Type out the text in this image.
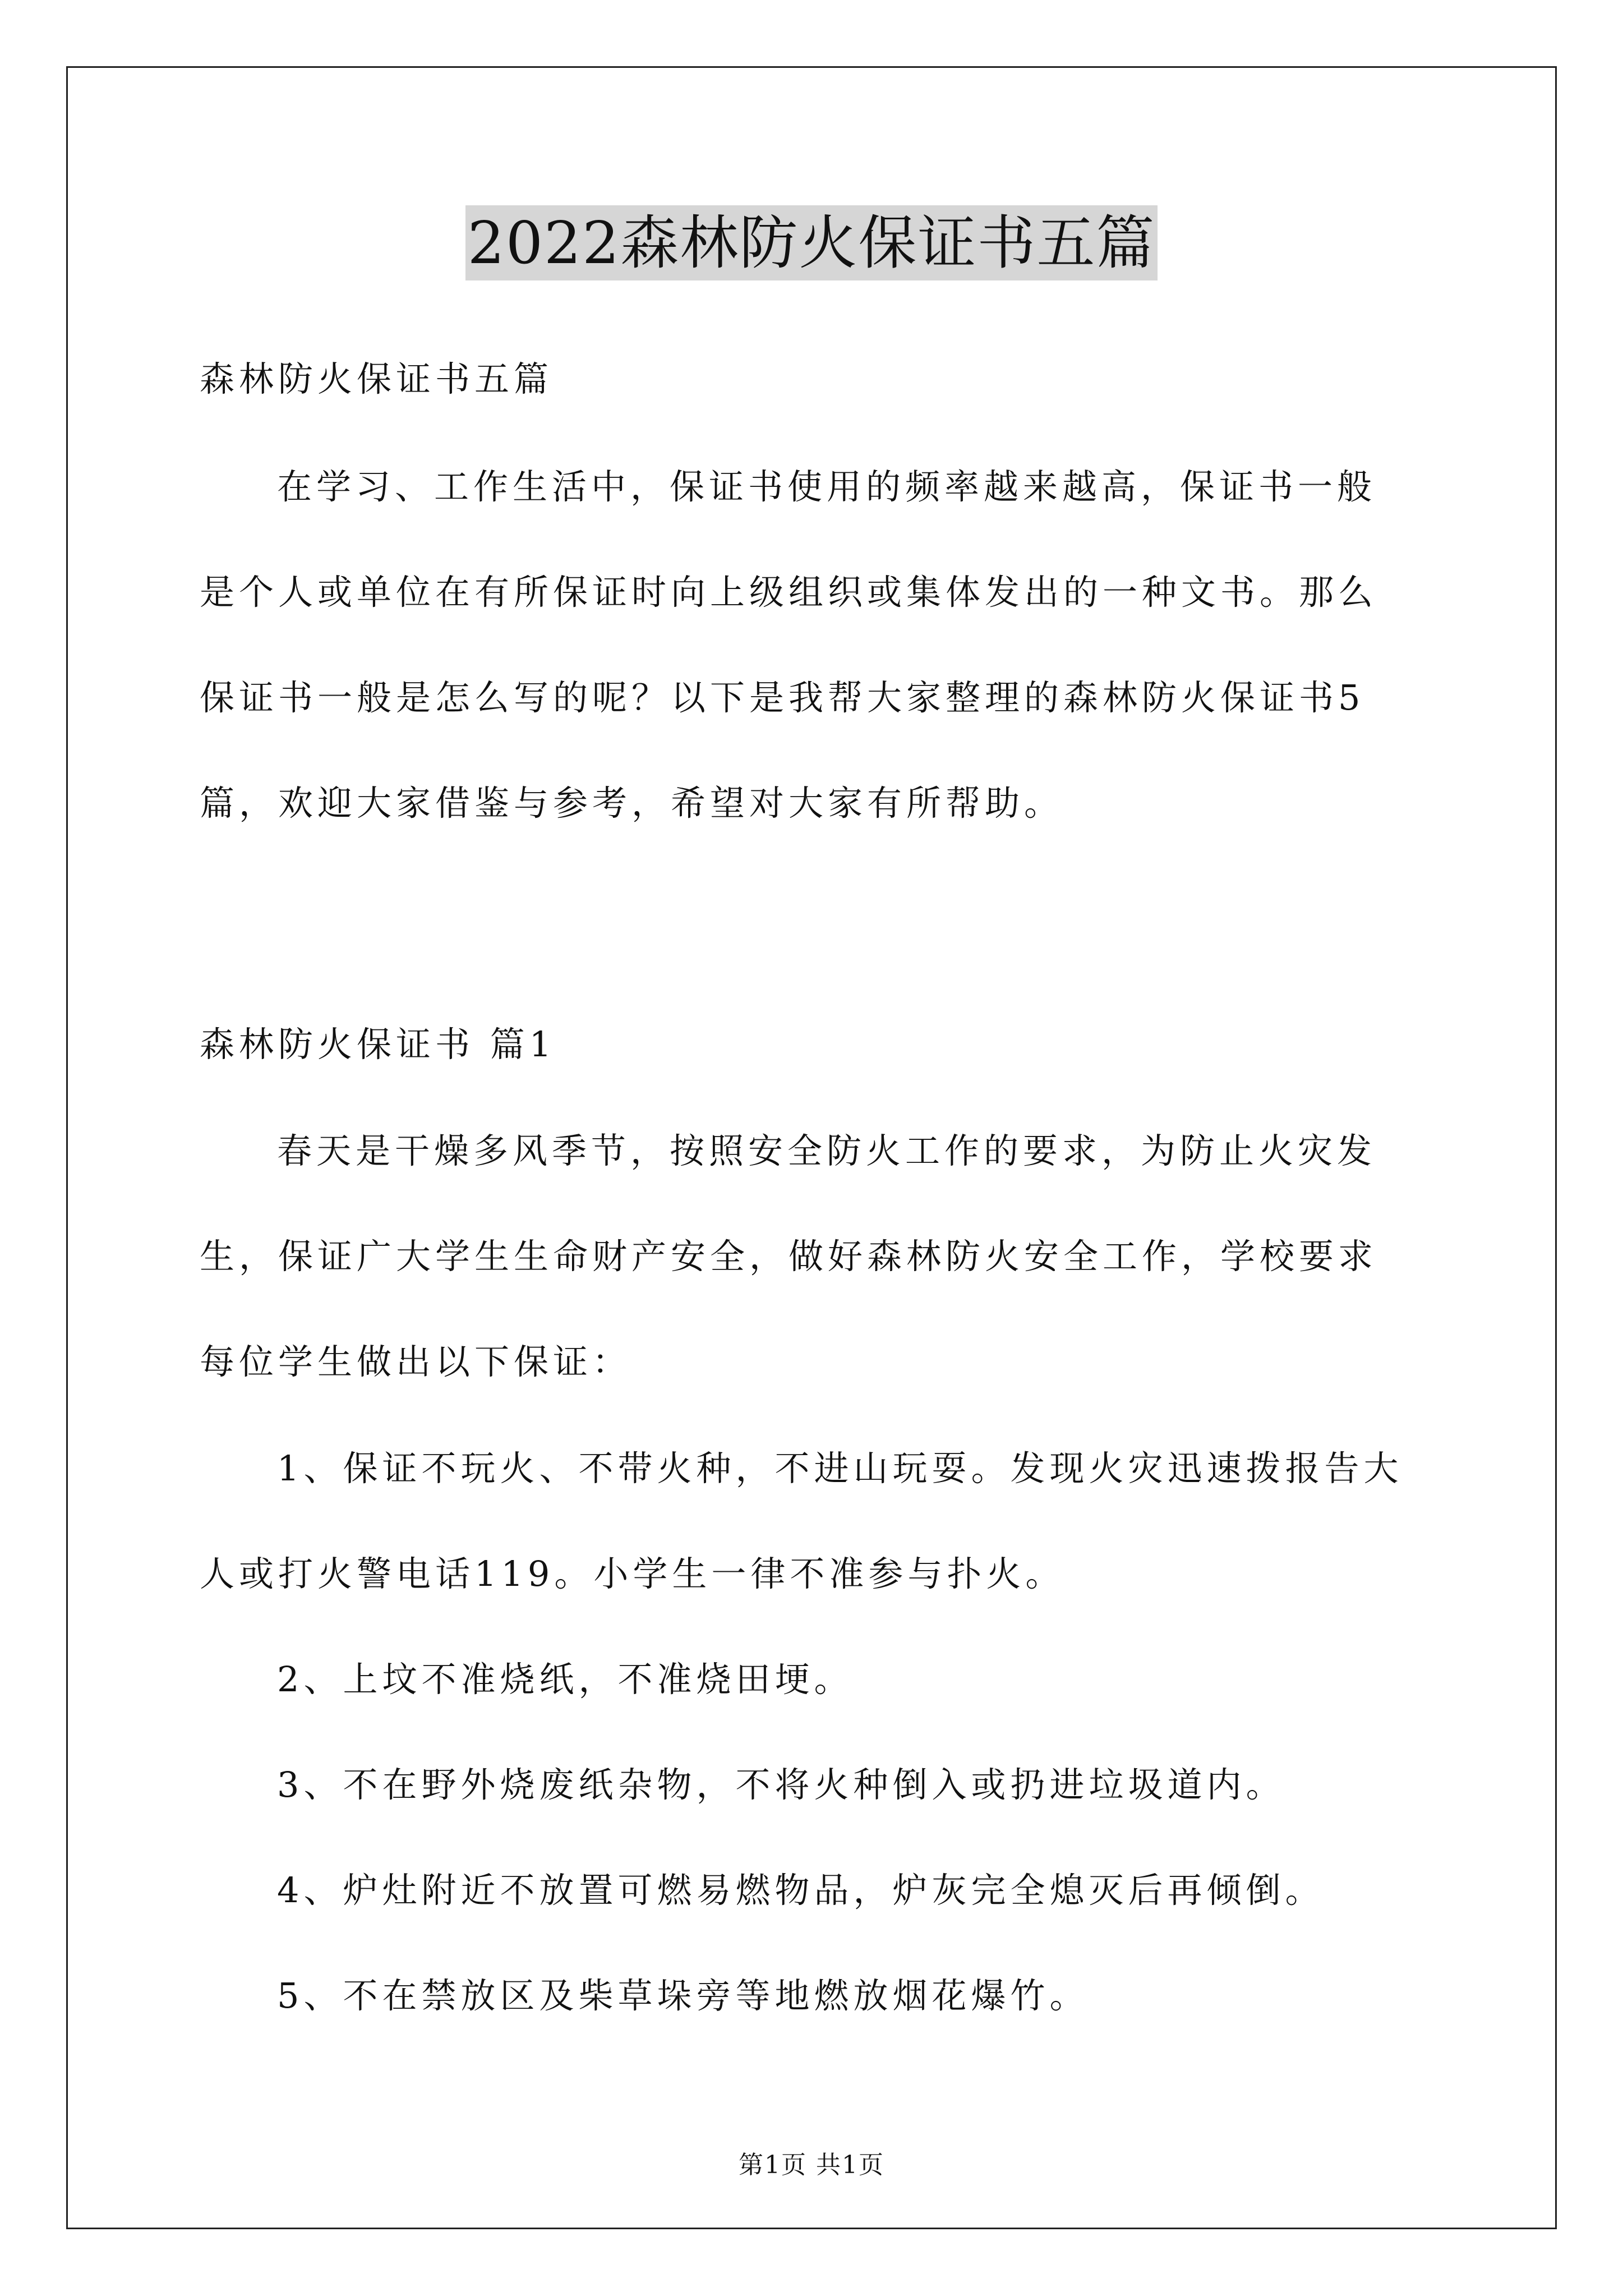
2022森林防火保证书五篇
森林防火保证书五篇
在学习、工作生活中，保证书使用的频率越来越高，保证书一般
是个人或单位在有所保证时向上级组织或集体发出的一种文书。那么
保证书一般是怎么写的呢？以下是我帮大家整理的森林防火保证书5
篇，欢迎大家借鉴与参考，希望对大家有所帮助。
森林防火保证书 篇1
春天是干燥多风季节，按照安全防火工作的要求，为防止火灾发
生，保证广大学生生命财产安全，做好森林防火安全工作，学校要求
每位学生做出以下保证：
1、保证不玩火、不带火种，不进山玩耍。发现火灾迅速拨报告大
人或打火警电话119。小学生一律不准参与扑火。
2、上坟不准烧纸，不准烧田埂。
3、不在野外烧废纸杂物，不将火种倒入或扔进垃圾道内。
4、炉灶附近不放置可燃易燃物品，炉灰完全熄灭后再倾倒。
5、不在禁放区及柴草垛旁等地燃放烟花爆竹。
第1页 共1页
